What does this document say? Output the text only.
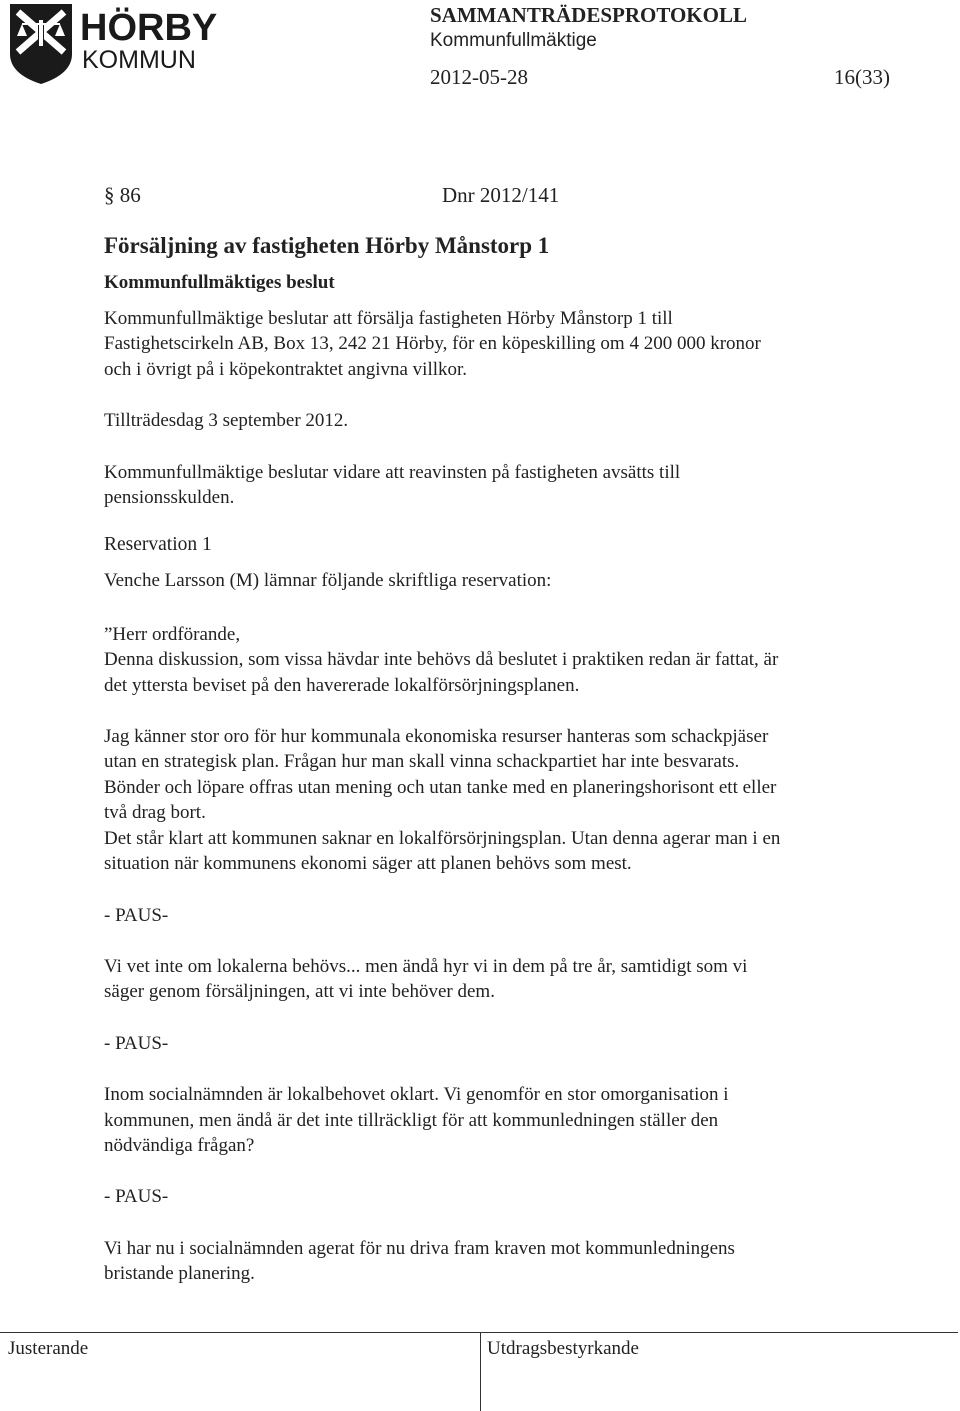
HÖRBY
KOMMUN
SAMMANTRÄDESPROTOKOLL
Kommunfullmäktige
2012-05-28	16(33)
§ 86	Dnr 2012/141
Försäljning av fastigheten Hörby Månstorp 1
Kommunfullmäktiges beslut
Kommunfullmäktige beslutar att försälja fastigheten Hörby Månstorp 1 till
Fastighetscirkeln AB, Box 13, 242 21 Hörby, för en köpeskilling om 4 200 000 kronor
och i övrigt på i köpekontraktet angivna villkor.
Tillträdesdag 3 september 2012.
Kommunfullmäktige beslutar vidare att reavinsten på fastigheten avsätts till
pensionsskulden.
Reservation 1
Venche Larsson (M) lämnar följande skriftliga reservation:
”Herr ordförande,
Denna diskussion, som vissa hävdar inte behövs då beslutet i praktiken redan är fattat, är
det yttersta beviset på den havererade lokalförsörjningsplanen.
Jag känner stor oro för hur kommunala ekonomiska resurser hanteras som schackpjäser
utan en strategisk plan. Frågan hur man skall vinna schackpartiet har inte besvarats.
Bönder och löpare offras utan mening och utan tanke med en planeringshorisont ett eller
två drag bort.
Det står klart att kommunen saknar en lokalförsörjningsplan. Utan denna agerar man i en
situation när kommunens ekonomi säger att planen behövs som mest.
- PAUS-
Vi vet inte om lokalerna behövs... men ändå hyr vi in dem på tre år, samtidigt som vi
säger genom försäljningen, att vi inte behöver dem.
- PAUS-
Inom socialnämnden är lokalbehovet oklart. Vi genomför en stor omorganisation i
kommunen, men ändå är det inte tillräckligt för att kommunledningen ställer den
nödvändiga frågan?
- PAUS-
Vi har nu i socialnämnden agerat för nu driva fram kraven mot kommunledningens
bristande planering.
Justerande	Utdragsbestyrkande
